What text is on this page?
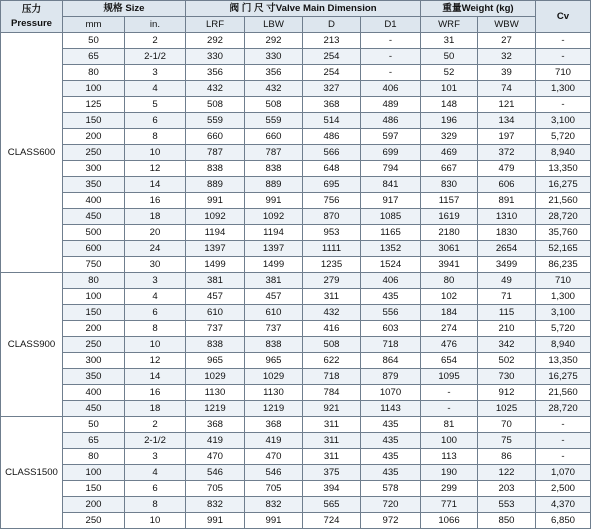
压力
Pressure	规格 Size		阀 门 尺 寸Valve Main Dimension				重量Weight (kg)		Cv
	mm	in.	LRF	LBW	D	D1	WRF	WBW	
CLASS600	50	2	292	292	213	-	31	27	-
	65	2-1/2	330	330	254	-	50	32	-
	80	3	356	356	254	-	52	39	710
	100	4	432	432	327	406	101	74	1,300
	125	5	508	508	368	489	148	121	-
	150	6	559	559	514	486	196	134	3,100
	200	8	660	660	486	597	329	197	5,720
	250	10	787	787	566	699	469	372	8,940
	300	12	838	838	648	794	667	479	13,350
	350	14	889	889	695	841	830	606	16,275
	400	16	991	991	756	917	1157	891	21,560
	450	18	1092	1092	870	1085	1619	1310	28,720
	500	20	1194	1194	953	1165	2180	1830	35,760
	600	24	1397	1397	1111	1352	3061	2654	52,165
	750	30	1499	1499	1235	1524	3941	3499	86,235
CLASS900	80	3	381	381	279	406	80	49	710
	100	4	457	457	311	435	102	71	1,300
	150	6	610	610	432	556	184	115	3,100
	200	8	737	737	416	603	274	210	5,720
	250	10	838	838	508	718	476	342	8,940
	300	12	965	965	622	864	654	502	13,350
	350	14	1029	1029	718	879	1095	730	16,275
	400	16	1130	1130	784	1070	-	912	21,560
	450	18	1219	1219	921	1143	-	1025	28,720
CLASS1500	50	2	368	368	311	435	81	70	-
	65	2-1/2	419	419	311	435	100	75	-
	80	3	470	470	311	435	113	86	-
	100	4	546	546	375	435	190	122	1,070
	150	6	705	705	394	578	299	203	2,500
	200	8	832	832	565	720	771	553	4,370
	250	10	991	991	724	972	1066	850	6,850
